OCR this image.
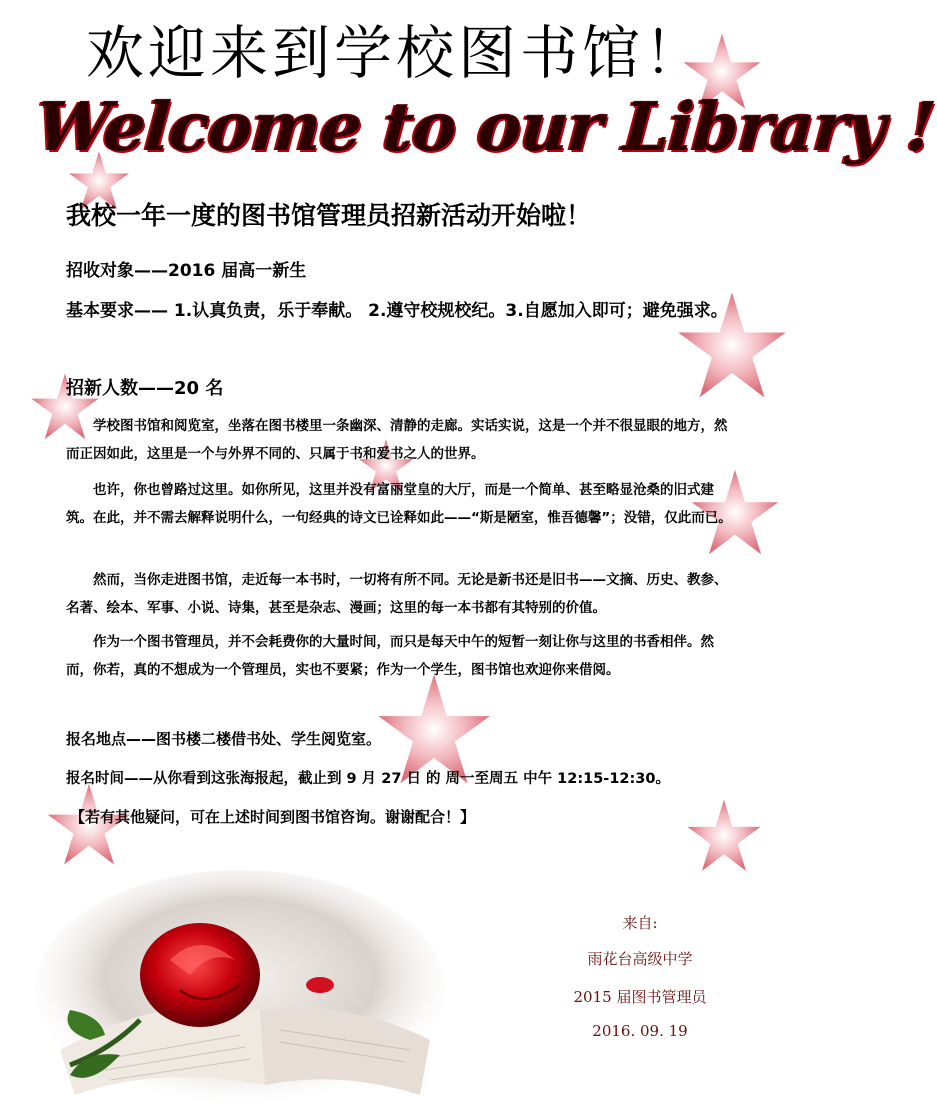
欢迎来到学校图书馆！
Welcome to our Library !
我校一年一度的图书馆管理员招新活动开始啦！
招收对象——2016 届高一新生
基本要求—— 1.认真负责，乐于奉献。 2.遵守校规校纪。3.自愿加入即可；避免强求。
招新人数——20 名

学校图书馆和阅览室，坐落在图书楼里一条幽深、清静的走廊。实话实说，这是一个并不很显眼的地方，然而正因如此，这里是一个与外界不同的、只属于书和爱书之人的世界。

也许，你也曾路过这里。如你所见，这里并没有富丽堂皇的大厅，而是一个简单、甚至略显沧桑的旧式建筑。在此，并不需去解释说明什么，一句经典的诗文已诠释如此——“斯是陋室，惟吾德馨”；没错，仅此而已。

然而，当你走进图书馆，走近每一本书时，一切将有所不同。无论是新书还是旧书——文摘、历史、教参、名著、绘本、军事、小说、诗集，甚至是杂志、漫画；这里的每一本书都有其特别的价值。

作为一个图书管理员，并不会耗费你的大量时间，而只是每天中午的短暂一刻让你与这里的书香相伴。然而，你若，真的不想成为一个管理员，实也不要紧；作为一个学生，图书馆也欢迎你来借阅。

报名地点——图书楼二楼借书处、学生阅览室。
报名时间——从你看到这张海报起，截止到 9 月 27 日 的 周一至周五 中午 12:15-12:30。
【若有其他疑问，可在上述时间到图书馆咨询。谢谢配合！】
来自:
雨花台高级中学
2015 届图书管理员
2016. 09. 19
